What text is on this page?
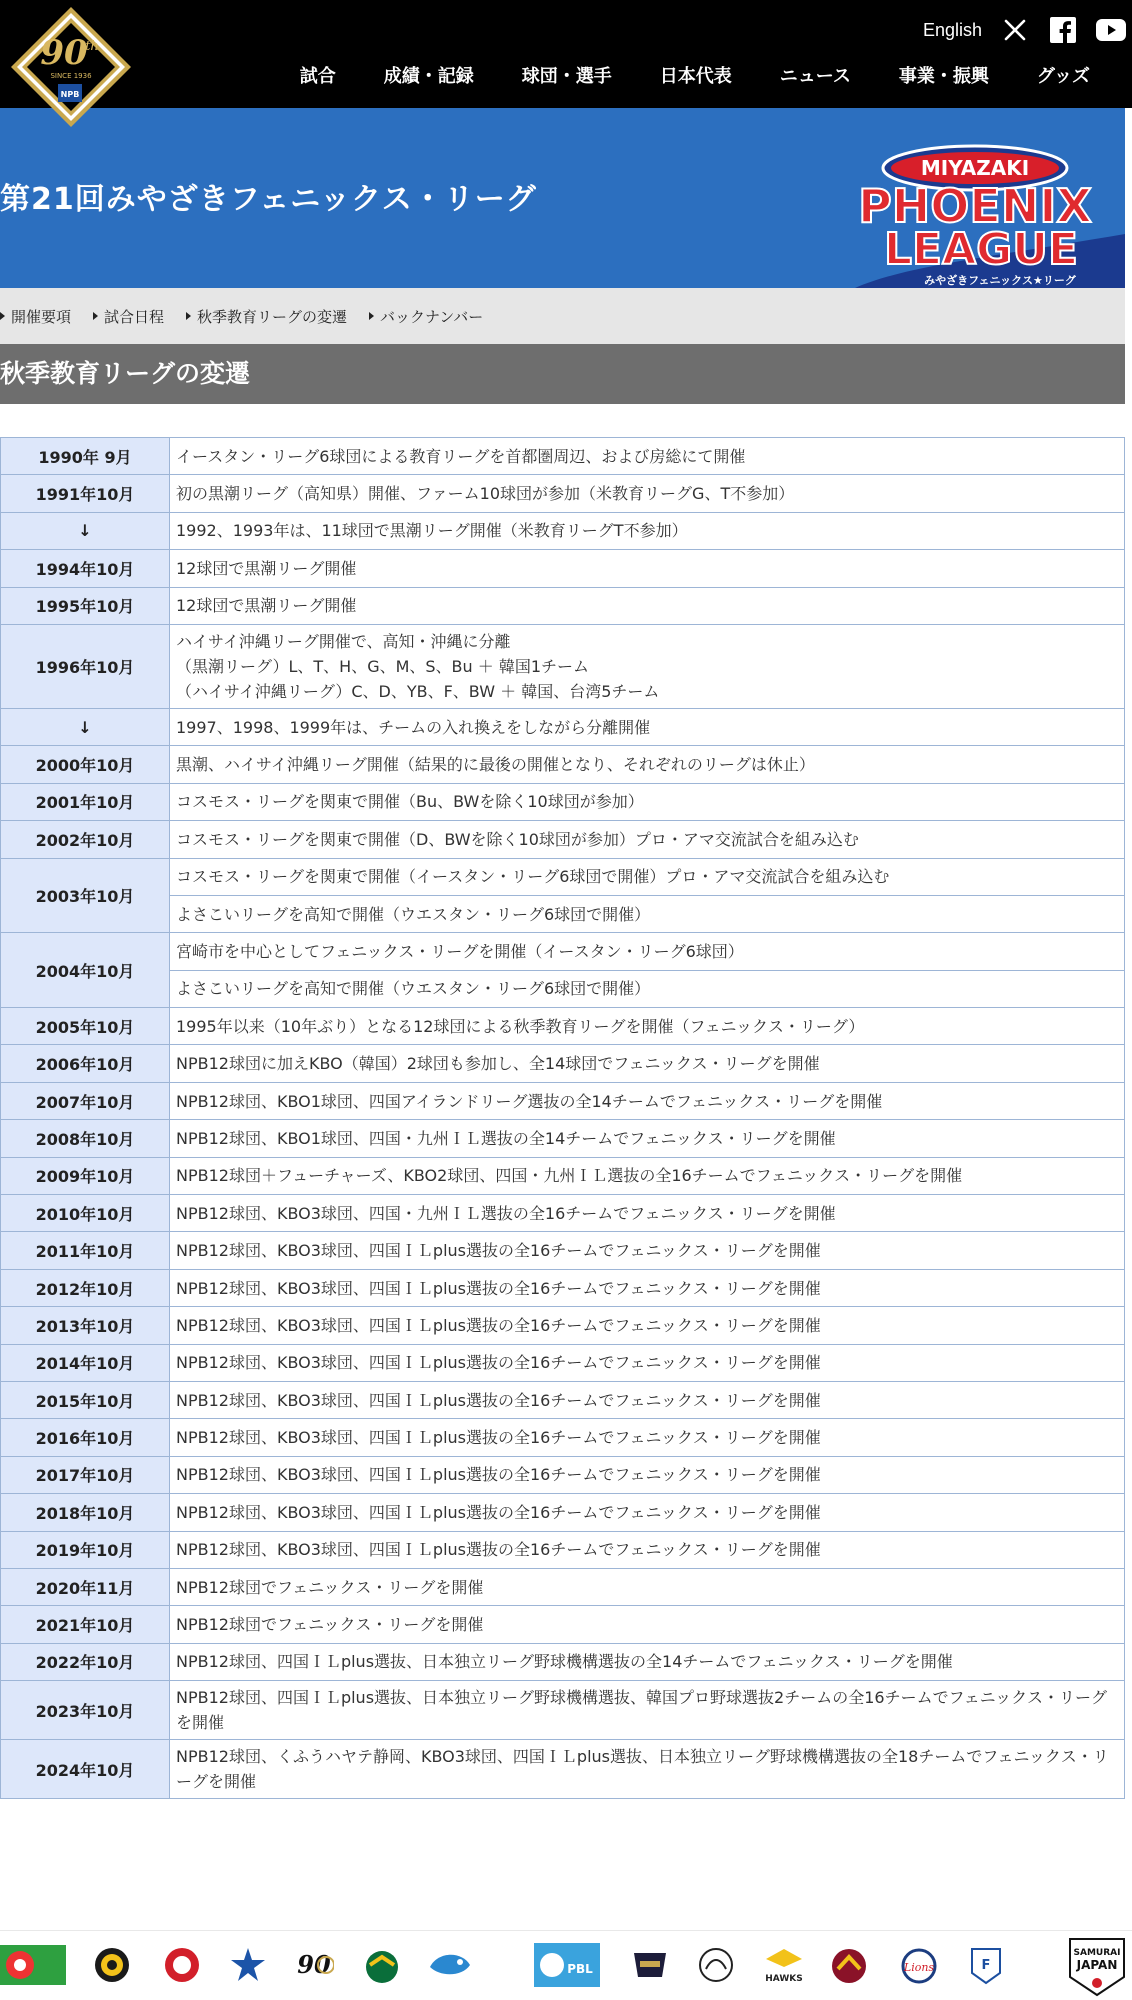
90
th
SINCE 1936
NPB
English
試合	成績・記録	球団・選手	日本代表	ニュース	事業・振興	グッズ
第21回みやざきフェニックス・リーグ
MIYAZAKI
PHOENIX
LEAGUE
みやざきフェニックス★リーグ
開催要項 試合日程 秋季教育リーグの変遷 バックナンバー
秋季教育リーグの変遷
1990年 9月	イースタン・リーグ6球団による教育リーグを首都圏周辺、および房総にて開催
1991年10月	初の黒潮リーグ（高知県）開催、ファーム10球団が参加（米教育リーグG、T不参加）
↓	1992、1993年は、11球団で黒潮リーグ開催（米教育リーグT不参加）
1994年10月	12球団で黒潮リーグ開催
1995年10月	12球団で黒潮リーグ開催
1996年10月	ハイサイ沖縄リーグ開催で、高知・沖縄に分離
（黒潮リーグ）L、T、H、G、M、S、Bu ＋ 韓国1チーム
（ハイサイ沖縄リーグ）C、D、YB、F、BW ＋ 韓国、台湾5チーム
↓	1997、1998、1999年は、チームの入れ換えをしながら分離開催
2000年10月	黒潮、ハイサイ沖縄リーグ開催（結果的に最後の開催となり、それぞれのリーグは休止）
2001年10月	コスモス・リーグを関東で開催（Bu、BWを除く10球団が参加）
2002年10月	コスモス・リーグを関東で開催（D、BWを除く10球団が参加）プロ・アマ交流試合を組み込む
2003年10月	コスモス・リーグを関東で開催（イースタン・リーグ6球団で開催）プロ・アマ交流試合を組み込む
	よさこいリーグを高知で開催（ウエスタン・リーグ6球団で開催）
2004年10月	宮崎市を中心としてフェニックス・リーグを開催（イースタン・リーグ6球団）
	よさこいリーグを高知で開催（ウエスタン・リーグ6球団で開催）
2005年10月	1995年以来（10年ぶり）となる12球団による秋季教育リーグを開催（フェニックス・リーグ）
2006年10月	NPB12球団に加えKBO（韓国）2球団も参加し、全14球団でフェニックス・リーグを開催
2007年10月	NPB12球団、KBO1球団、四国アイランドリーグ選抜の全14チームでフェニックス・リーグを開催
2008年10月	NPB12球団、KBO1球団、四国・九州ＩＬ選抜の全14チームでフェニックス・リーグを開催
2009年10月	NPB12球団＋フューチャーズ、KBO2球団、四国・九州ＩＬ選抜の全16チームでフェニックス・リーグを開催
2010年10月	NPB12球団、KBO3球団、四国・九州ＩＬ選抜の全16チームでフェニックス・リーグを開催
2011年10月	NPB12球団、KBO3球団、四国ＩＬplus選抜の全16チームでフェニックス・リーグを開催
2012年10月	NPB12球団、KBO3球団、四国ＩＬplus選抜の全16チームでフェニックス・リーグを開催
2013年10月	NPB12球団、KBO3球団、四国ＩＬplus選抜の全16チームでフェニックス・リーグを開催
2014年10月	NPB12球団、KBO3球団、四国ＩＬplus選抜の全16チームでフェニックス・リーグを開催
2015年10月	NPB12球団、KBO3球団、四国ＩＬplus選抜の全16チームでフェニックス・リーグを開催
2016年10月	NPB12球団、KBO3球団、四国ＩＬplus選抜の全16チームでフェニックス・リーグを開催
2017年10月	NPB12球団、KBO3球団、四国ＩＬplus選抜の全16チームでフェニックス・リーグを開催
2018年10月	NPB12球団、KBO3球団、四国ＩＬplus選抜の全16チームでフェニックス・リーグを開催
2019年10月	NPB12球団、KBO3球団、四国ＩＬplus選抜の全16チームでフェニックス・リーグを開催
2020年11月	NPB12球団でフェニックス・リーグを開催
2021年10月	NPB12球団でフェニックス・リーグを開催
2022年10月	NPB12球団、四国ＩＬplus選抜、日本独立リーグ野球機構選抜の全14チームでフェニックス・リーグを開催
2023年10月	NPB12球団、四国ＩＬplus選抜、日本独立リーグ野球機構選抜、韓国プロ野球選抜2チームの全16チームでフェニックス・リーグを開催
2024年10月	NPB12球団、くふうハヤテ静岡、KBO3球団、四国ＩＬplus選抜、日本独立リーグ野球機構選抜の全18チームでフェニックス・リーグを開催
90	PBL
HAWKS
Lions	F
SAMURAI
JAPAN
